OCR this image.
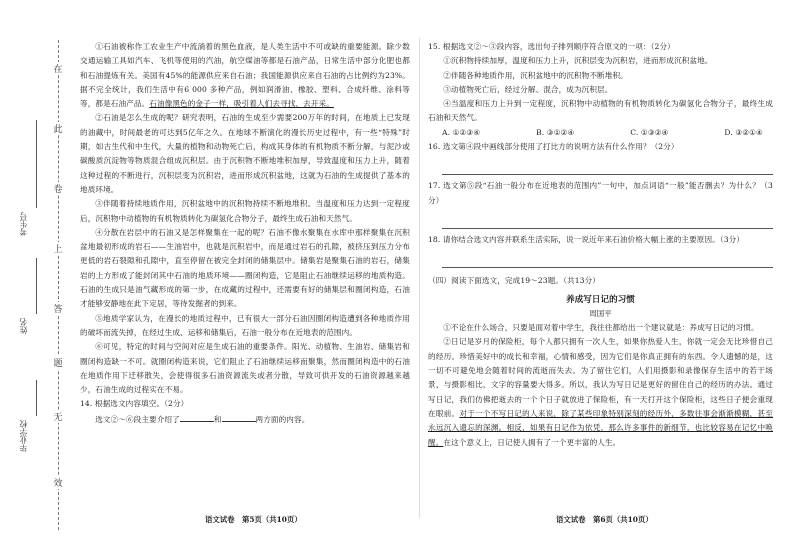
在
此
卷
上
答
题
无
效
毕业学校
姓名
考生号

①石油被称作工农业生产中流淌着的黑色血液，是人类生活中不可或缺的重要能源。除少数交通运输工具如汽车、飞机等使用的汽油，航空煤油等都是石油产品，日常生活中部分化肥也都和石油提炼有关。美国有45%的能源供应来自石油；我国能源供应来自石油的占比例约为23%。据不完全统计，我们生活中有6 000 多种产品，例如润滑油、橡胶、塑料、合成纤维、涂料等等，都是石油产品。石油像黑色的金子一样，吸引着人们去寻找、去开采。

②石油是怎么生成的呢？研究表明，石油的生成至少需要200万年的时间，在地质上已发现的油藏中，时间最老的可达到5亿年之久。在地球不断演化的漫长历史过程中，有一些“特殊”时期，如古生代和中生代，大量的植物和动物死亡后，构成其身体的有机物质不断分解，与泥沙或碳酸质沉淀物等物质混合组成沉积层。由于沉积物不断地堆积加厚，导致温度和压力上升，随着这种过程的不断进行，沉积层变为沉积岩，进而形成沉积盆地，这就为石油的生成提供了基本的地质环境。

③伴随着持续地质作用，沉积盆地中的沉积物持续不断地堆积。当温度和压力达到一定程度后，沉积物中动植物的有机物质转化为碳氢化合物分子，最终生成石油和天然气。

④分散在岩层中的石油又是怎样聚集在一起的呢？石油不像水聚集在水库中那样聚集在沉积盆地最初形成的岩石——生油岩中，也就是沉积岩中，而是通过岩石的孔隙，被挤压到压力分布更低的岩石裂隙和孔隙中，直至停留在被完全封闭的储集层中。储集岩是聚集石油的岩石，储集岩的上方形成了能封闭其中石油的地质环境——圈闭构造，它是阻止石油继续运移的地质构造。石油的生成只是油气藏形成的第一步，在成藏的过程中，还需要有好的储集层和圈闭构造，石油才能够安静地在此下定居，等待发掘者的到来。

⑤地质学家认为，在漫长的地质过程中，已有很大一部分石油因圈闭构造遭到各种地质作用的破坏而流失掉，在经过生成、运移和储集后，石油一般分布在近地表的范围内。

⑥可见，特定的时间与空间对应是生成石油的重要条件。阳光、动植物、生油岩、储集岩和圈闭构造缺一不可。就圈闭构造来说，它们阻止了石油继续运移而聚集，然而圈闭构造中的石油在地质作用下迁移散失，会使得很多石油资源流失或者分散，导致可供开发的石油资源越来越少，石油生成的过程实在不易。

14. 根据选文内容填空。（2分）

选文②～⑥段主要介绍了	和	两方面的内容。

语文试卷　第5页（共10页）

15. 根据选文②～③段内容，选出句子排列顺序符合原文的一项：（2分）

①沉积物持续加厚，温度和压力上升，沉积层变为沉积岩，进而形成沉积盆地。

②伴随各种地质作用，沉积盆地中的沉积物不断堆积。

③动植物死亡后，经过分解、混合，成为沉积层。

④当温度和压力上升到一定程度，沉积物中动植物的有机物质转化为碳氢化合物分子，最终生成石油和天然气。

A. ①②③④	B. ③①②④	C. ①③②④	D. ③②①④

16. 选文第④段中画线部分使用了打比方的说明方法有什么作用？（2分）

17. 选文第⑤段“石油一般分布在近地表的范围内”一句中，加点词语“一般”能否删去？为什么？（3分）

18. 请你结合选文内容并联系生活实际，说一说近年来石油价格大幅上涨的主要原因。（3分）

（四）阅读下面选文，完成19～23题。（共13分）

养成写日记的习惯
周国平

①不论在什么场合，只要是面对着中学生，我往往都给出一个建议就是：养成写日记的习惯。

②日记是岁月的保险柜，每个人都只拥有一次人生，如果你热爱人生，你就一定会无比珍惜自己的经历。珍惜美好中的成长和幸福，心情和感受，因为它们是你真正拥有的东西。令人遗憾的是，这一切不可避免地会随着时间的流逝而失去。为了留住它们，人们用摄影和录像保存生活中的若干场景，与摄影相比，文字的容量要大得多。所以，我认为写日记是更好的留住自己的经历的办法。通过写日记，我们仿佛把逝去的一个个日子就放进了保险柜，有一天打开这个保险柜，这些日子便会重现在眼前。对于一个不写日记的人来说，除了某些印象特别深刻的经历外，多数往事会渐渐模糊，甚至永远沉入遗忘的深渊。相反，如果有日记作为依凭，那么许多事件的新细节，也比较容易在记忆中唤醒。在这个意义上，日记使人拥有了一个更丰富的人生。

语文试卷　第6页（共10页）
